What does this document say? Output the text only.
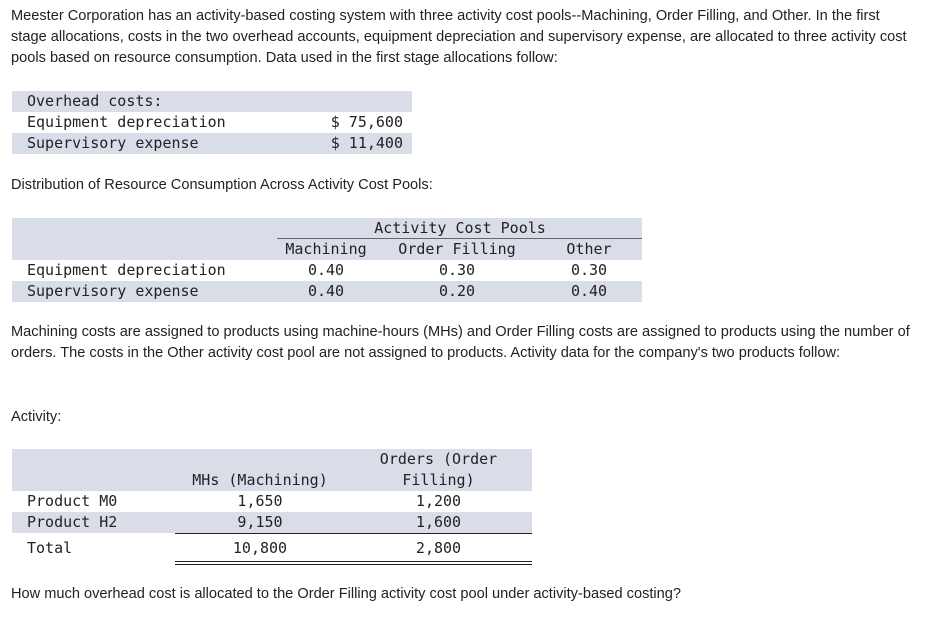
Meester Corporation has an activity-based costing system with three activity cost pools--Machining, Order Filling, and Other. In the first stage allocations, costs in the two overhead accounts, equipment depreciation and supervisory expense, are allocated to three activity cost pools based on resource consumption. Data used in the first stage allocations follow:
Overhead costs:
Equipment depreciation	$ 75,600
Supervisory expense	$ 11,400
Distribution of Resource Consumption Across Activity Cost Pools:
Activity Cost Pools
Machining	Order Filling	Other
Equipment depreciation	0.40	0.30	0.30
Supervisory expense	0.40	0.20	0.40
Machining costs are assigned to products using machine-hours (MHs) and Order Filling costs are assigned to products using the number of orders. The costs in the Other activity cost pool are not assigned to products. Activity data for the company's two products follow:
Activity:
MHs (Machining)
Orders (Order
Filling)
Product M0	1,650	1,200
Product H2	9,150	1,600
Total	10,800	2,800
How much overhead cost is allocated to the Order Filling activity cost pool under activity-based costing?
